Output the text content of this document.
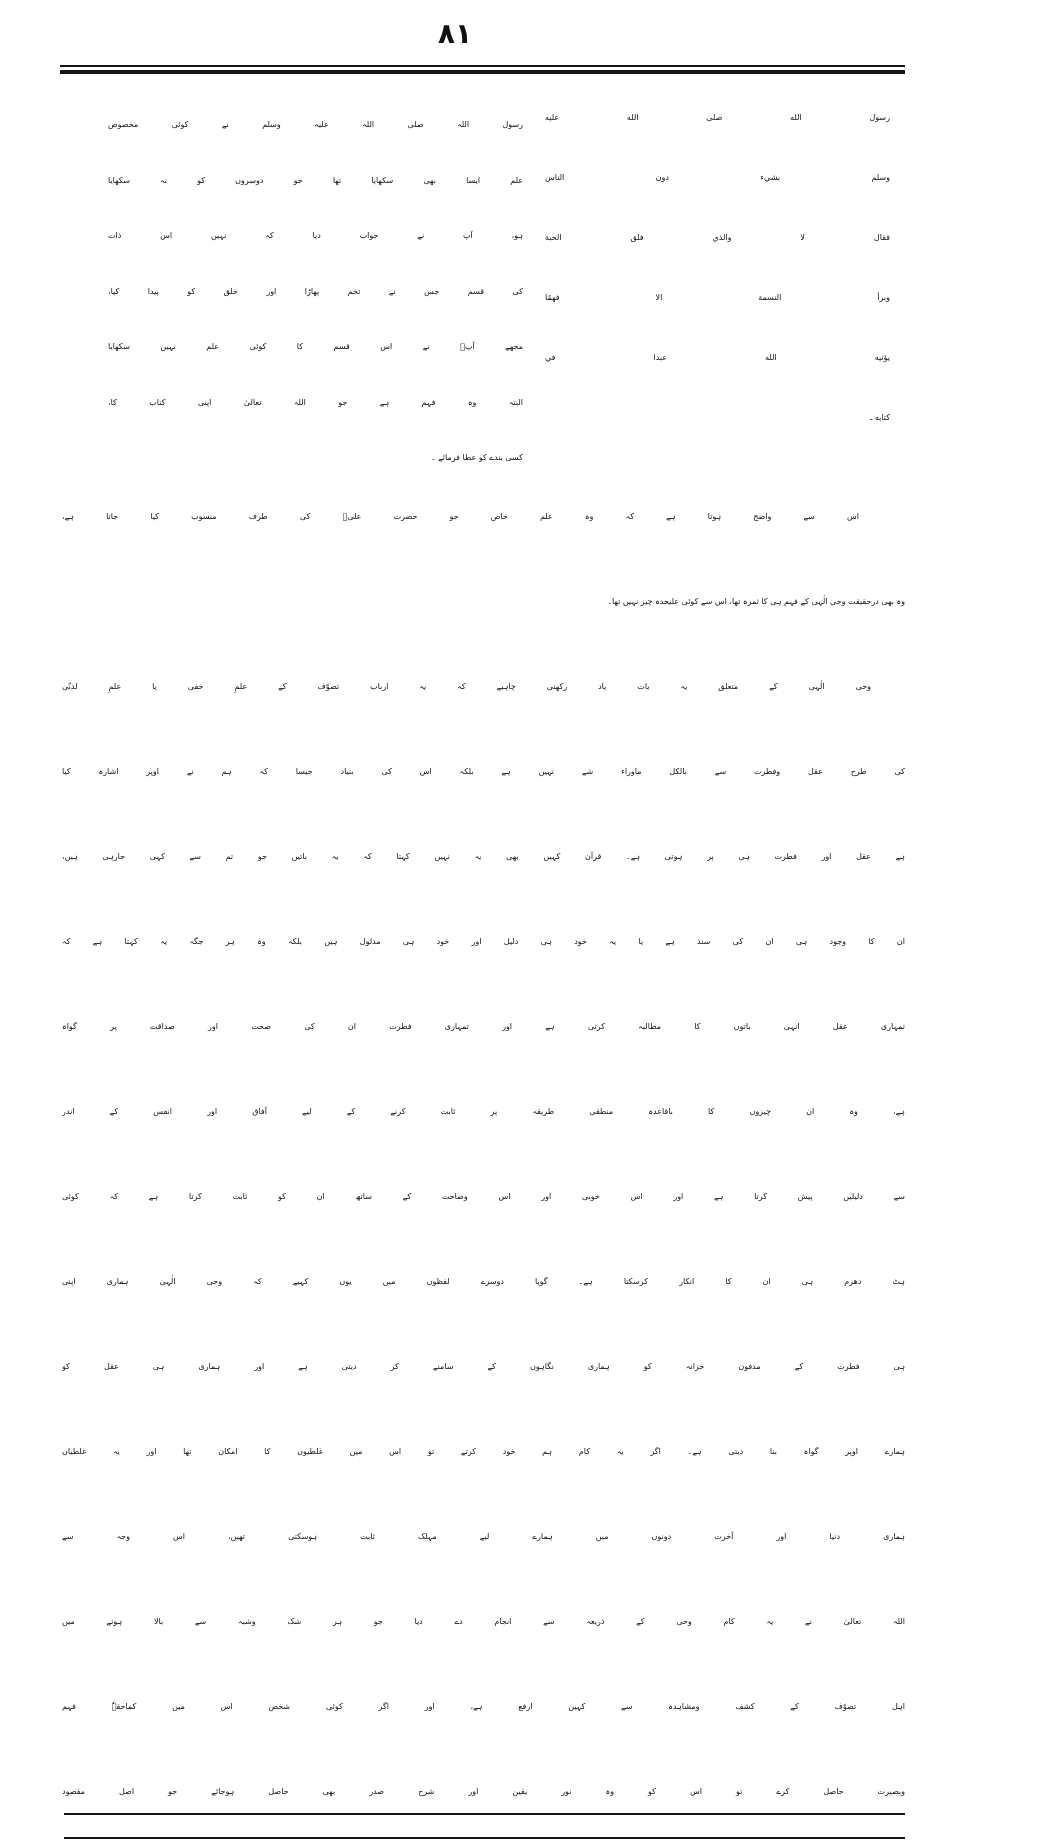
۸۱
رسول الله صلى الله عليه
وسلم بشيء دون الناس
فقال لا والذي فلق الحبة
وبرأ النسمة الا فهمًا
يؤتيه الله عبدا في
كتابه ـ
رسول اللہ صلی اللہ علیہ وسلم نے کوئی مخصوص
علم ایسا بھی سکھایا تھا جو دوسروں کو نہ سکھایا
ہو، آپ نے جواب دیا کہ نہیں اس ذات
کی قسم جس نے تخم پھاڑا اور خلق کو پیدا کیا،
مجھے آپؐ نے اس قسم کا کوئی علم نہیں سکھایا
البتہ وہ فہم ہے جو اللہ تعالیٰ اپنی کتاب کا،
کسی بندے کو عطا فرمائے ۔
اس سے واضح ہوتا ہے کہ وہ علم خاص جو حضرت علیؓ کی طرف منسوب کیا جاتا ہے،
وہ بھی درحقیقت وحی الٰہی کے فہم ہی کا ثمرہ تھا، اس سے کوئی علیحدہ چیز نہیں تھا۔
وحی الٰہی کے متعلق یہ بات یاد رکھنی چاہیے کہ یہ ارباب تصوّف کے علمِ خفی یا علمِ لدنّی
کی طرح عقل وفطرت سے بالکل ماوراء شے نہیں ہے بلکہ اس کی بنیاد جیسا کہ ہم نے اوپر اشارہ کیا
ہے عقل اور فطرت ہی پر ہوتی ہے۔ قرآن کہیں بھی یہ نہیں کہتا کہ یہ باتیں جو تم سے کہی جارہی ہیں،
ان کا وجود ہی ان کی سند ہے یا یہ خود ہی دلیل اور خود ہی مدلول ہیں بلکہ وہ ہر جگہ یہ کہتا ہے کہ
تمہاری عقل انہی باتوں کا مطالبہ کرتی ہے اور تمہاری فطرت ان کی صحت اور صداقت پر گواہ
ہے، وہ ان چیزوں کا باقاعدہ منطقی طریقہ پر ثابت کرنے کے لیے آفاق اور انفس کے اندر
سے دلیلیں پیش کرتا ہے اور اس خوبی اور اس وضاحت کے ساتھ ان کو ثابت کرتا ہے کہ کوئی
ہٹ دھرم ہی ان کا انکار کرسکتا ہے۔ گویا دوسرے لفظوں میں یوں کہیے کہ وحی الٰہی ہماری اپنی
ہی فطرت کے مدفون خزانہ کو ہماری نگاہوں کے سامنے کر دیتی ہے اور ہماری ہی عقل کو
ہمارے اوپر گواہ بنا دیتی ہے۔ اگر یہ کام ہم خود کرتے تو اس میں غلطیوں کا امکان تھا اور یہ غلطیاں
ہماری دنیا اور آخرت دونوں میں ہمارے لیے مہلک ثابت ہوسکتی تھیں، اس وجہ سے
اللہ تعالیٰ نے یہ کام وحی کے ذریعہ سے انجام دے دیا جو ہر شک وشبہ سے بالا ہونے میں
اہل تصوّف کے کشف ومشاہدہ سے کہیں ارفع ہے، اور اگر کوئی شخص اس میں کماحقہٗ فہم
وبصیرت حاصل کرے تو اس کو وہ نور یقین اور شرح صدر بھی حاصل ہوجائے جو اصل مقصود
